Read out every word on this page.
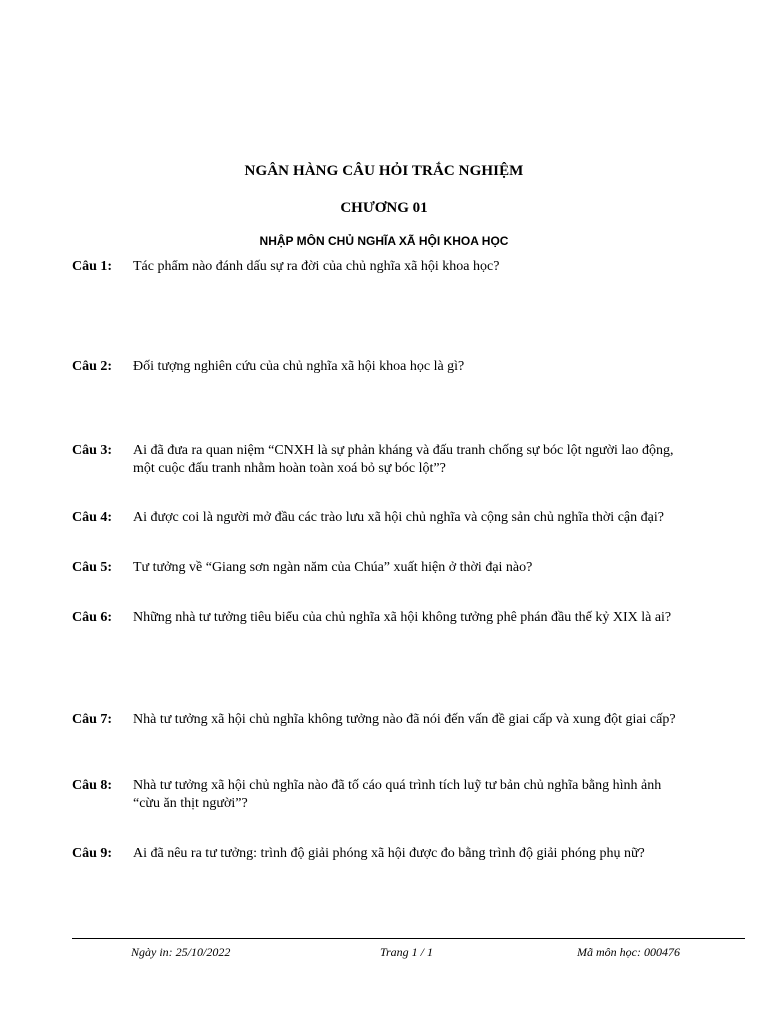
NGÂN HÀNG CÂU HỎI TRẮC NGHIỆM
CHƯƠNG 01
NHẬP MÔN CHỦ NGHĨA XÃ HỘI KHOA HỌC
Câu 1: Tác phẩm nào đánh dấu sự ra đời của chủ nghĩa xã hội khoa học?
Câu 2: Đối tượng nghiên cứu của chủ nghĩa xã hội khoa học là gì?
Câu 3: Ai đã đưa ra quan niệm “CNXH là sự phản kháng và đấu tranh chống sự bóc lột người lao động, một cuộc đấu tranh nhằm hoàn toàn xoá bỏ sự bóc lột”?
Câu 4: Ai được coi là người mở đầu các trào lưu xã hội chủ nghĩa và cộng sản chủ nghĩa thời cận đại?
Câu 5: Tư tưởng về “Giang sơn ngàn năm của Chúa” xuất hiện ở thời đại nào?
Câu 6: Những nhà tư tưởng tiêu biểu của chủ nghĩa xã hội không tưởng phê phán đầu thế kỷ XIX là ai?
Câu 7: Nhà tư tưởng xã hội chủ nghĩa không tưởng nào đã nói đến vấn đề giai cấp và xung đột giai cấp?
Câu 8: Nhà tư tưởng xã hội chủ nghĩa nào đã tố cáo quá trình tích luỹ tư bản chủ nghĩa bằng hình ảnh “cừu ăn thịt người”?
Câu 9: Ai đã nêu ra tư tưởng: trình độ giải phóng xã hội được đo bằng trình độ giải phóng phụ nữ?
Ngày in: 25/10/2022	Trang 1 / 1	Mã môn học: 000476
